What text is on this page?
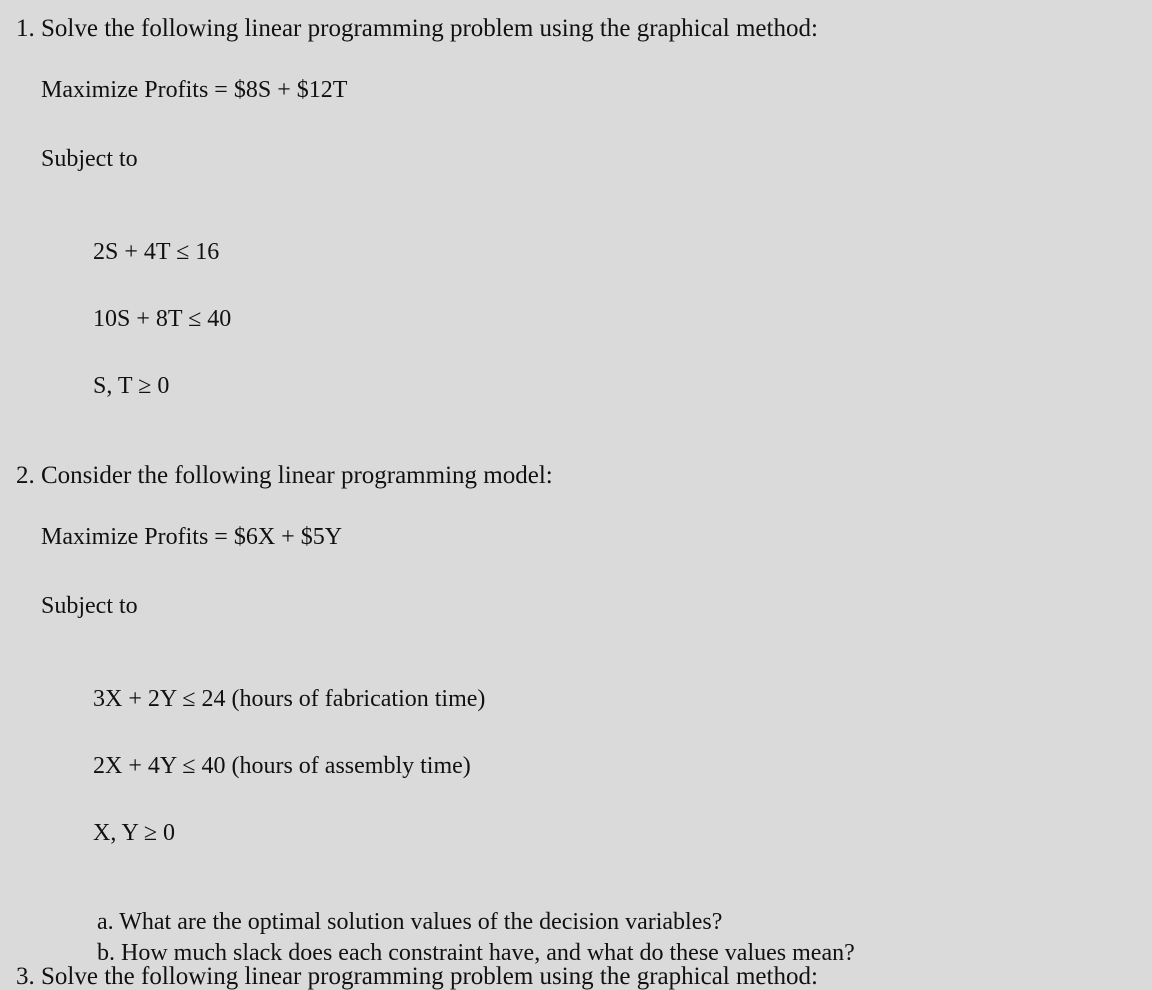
1. Solve the following linear programming problem using the graphical method:
Maximize Profits = $8S + $12T
Subject to
2S + 4T ≤ 16
10S + 8T ≤ 40
S, T ≥ 0
2. Consider the following linear programming model:
Maximize Profits = $6X + $5Y
Subject to
3X + 2Y ≤ 24 (hours of fabrication time)
2X + 4Y ≤ 40 (hours of assembly time)
X, Y ≥ 0
a. What are the optimal solution values of the decision variables?
b. How much slack does each constraint have, and what do these values mean?
3. Solve the following linear programming problem using the graphical method:
